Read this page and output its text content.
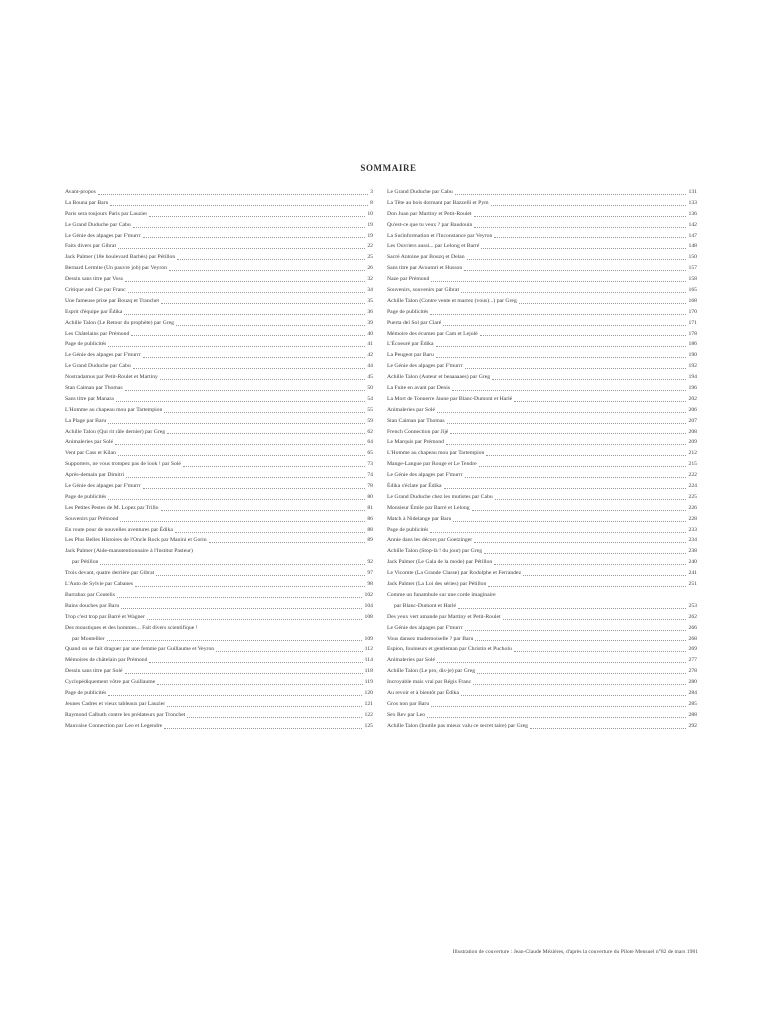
SOMMAIRE
Avant-propos	3
La Bouna par Baru	8
Paris sera toujours Paris par Lauzier	10
Le Grand Duduche par Cabu	19
Le Génie des alpages par F'murrr	19
Faits divers par Gibrat	22
Jack Palmer (18e boulevard Barbès) par Pétillon	25
Bernard Lermite (Un pauvre job) par Veyron	26
Dessin sans titre par Voss	32
Critique and Cie par Franc	34
Une fameuse prise par Bouzq et Tranchet	35
Esprit d'équipe par Édika	36
Achille Talon (Le Retour du prophète) par Greg	39
Les Châtelains par Prémond	40
Page de publicités	41
Le Génie des alpages par F'murrr	42
Le Grand Duduche par Cabu	44
Nostradamus par Petit-Roulet et Martiny	45
Stan Caiman par Thomas	50
Sans titre par Manara	54
L'Homme au chapeau mou par Tartempion	55
La Plage par Baru	59
Achille Talon (Qui rit râle dernier) par Greg	62
Animaleries par Solé	64
Vent par Cass et Kilan	65
Supporters, ne vous trompez pas de look ! par Solé	73
Après-demain par Dimitri	74
Le Génie des alpages par F'murrr	78
Page de publicités	80
Les Petites Pestes de M. Lopez par Trillo	81
Souvenirs par Prémond	86
En route pour de nouvelles aventures par Édika	88
Les Plus Belles Histoires de l'Oncle Rock par Manini et Gorin	89
Jack Palmer (Aide-manutentionnaire à l'Institut Pasteur)
par Pétillon	92
Trois devant, quatre derrière par Gibrat	97
L'Auto de Sylvie par Cabanes	98
Barrabax par Coutelis	102
Bains douches par Baru	104
Trop c'est trop par Barré et Wagner	108
Des moustiques et des hommes... Fait divers scientifique !
par Montellier	109
Quand on se fait draguer par une femme par Guillaume et Veyron	112
Mémoires de châtelain par Prémond	114
Dessin sans titre par Solé	118
Cyclopédiquement vôtre par Guillaume	119
Page de publicités	120
Jeunes Cadres et vieux tableaux par Lauzier	121
Raymond Calbuth contre les prédateurs par Tronchet	122
Mauvaise Connection par Leo et Legendre	125
Le Grand Duduche par Cabu	131
La Tête au bois dormant par Bazzelli et Pym	133
Don Juan par Martiny et Petit-Roulet	136
Qu'est-ce que tu veux ? par Baudouin	142
La Surinformation et l'Inconstance par Veyron	147
Les Ouvriers aussi... par Lelong et Barré	148
Sacré Antoine par Bouzq et Delan	150
Sans titre par Avoumri et Husson	157
Naze par Prémond	158
Souvenirs, souvenirs par Gibrat	165
Achille Talon (Contre vente et marrez (vous)...) par Greg	168
Page de publicités	170
Puerta del Sol par Claré	171
Mémoire des écumes par Cam et Lejolé	178
L'Écoeuré par Édika	186
La Peugeot par Baru	190
Le Génie des alpages par F'murrr	192
Achille Talon (Auteur et beaaaaaes) par Greg	194
La Fuite en avant par Denis	196
La Mort de Tonnerre Jaune par Blanc-Dumont et Harlé	202
Animaleries par Solé	206
Stan Caiman par Thomas	207
French Connection par Jijé	208
Le Marquis par Prémond	209
L'Homme au chapeau mou par Tartempion	212
Mange-Langue par Rouge et Le Tendre	215
Le Génie des alpages par F'murrr	222
Édika s'éclate par Édika	224
Le Grand Duduche chez les mutistes par Cabu	225
Monsieur Émile par Barré et Lelong	226
Match à Nidelange par Baru	228
Page de publicités	233
Annie dans les décors par Goetzinger	234
Achille Talon (Stop-là ! du jour) par Greg	238
Jack Palmer (Le Gala de la mode) par Pétillon	240
Le Vicomte (La Grande Classe) par Rodolphe et Ferrandez	241
Jack Palmer (La Loi des séries) par Pétillon	251
Comme un funambule sur une corde imaginaire
par Blanc-Dumont et Harlé	253
Des yeux vert amande par Martiny et Petit-Roulet	262
Le Génie des alpages par F'murrr	266
Vous dansez mademoiselle ? par Baru	268
Espion, fouineurs et gentleman par Christin et Pucholu	269
Animaleries par Solé	277
Achille Talon (Le pro, dis-je) par Greg	278
Incroyable mais vrai par Régis Franc	280
Au revoir et à bientôt par Édika	284
Gros non par Baru	285
Sex Rev par Leo	288
Achille Talon (Inutile pas mieux valu ce secret taire) par Greg	292
Illustration de couverture : Jean-Claude Mézières, d'après la couverture du Pilote Mensuel n°82 de mars 1981
